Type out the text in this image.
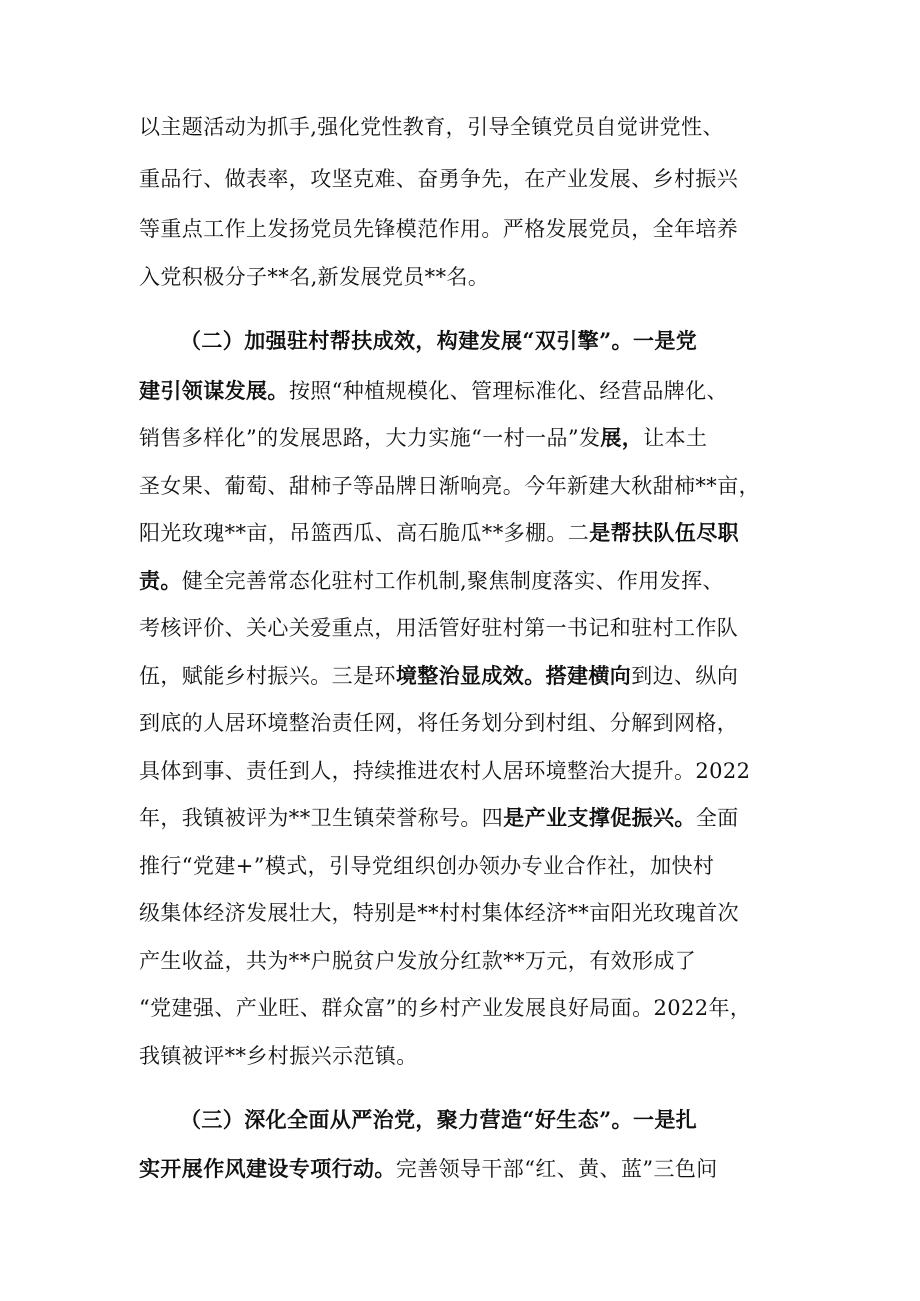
以主题活动为抓手,强化党性教育，引导全镇党员自觉讲党性、
重品行、做表率，攻坚克难、奋勇争先，在产业发展、乡村振兴
等重点工作上发扬党员先锋模范作用。严格发展党员，全年培养
入党积极分子**名,新发展党员**名。
（二）加强驻村帮扶成效，构建发展“双引擎”。一是党
建引领谋发展。按照“种植规模化、管理标准化、经营品牌化、
销售多样化”的发展思路，大力实施“一村一品”发展，让本土
圣女果、葡萄、甜柿子等品牌日渐响亮。今年新建大秋甜柿**亩，
阳光玫瑰**亩，吊篮西瓜、高石脆瓜**多棚。二是帮扶队伍尽职
责。健全完善常态化驻村工作机制,聚焦制度落实、作用发挥、
考核评价、关心关爱重点，用活管好驻村第一书记和驻村工作队
伍，赋能乡村振兴。三是环境整治显成效。搭建横向到边、纵向
到底的人居环境整治责任网，将任务划分到村组、分解到网格，
具体到事、责任到人，持续推进农村人居环境整治大提升。2022
年，我镇被评为**卫生镇荣誉称号。四是产业支撑促振兴。全面
推行“党建+”模式，引导党组织创办领办专业合作社，加快村
级集体经济发展壮大，特别是**村村集体经济**亩阳光玫瑰首次
产生收益，共为**户脱贫户发放分红款**万元，有效形成了
“党建强、产业旺、群众富”的乡村产业发展良好局面。2022年，
我镇被评**乡村振兴示范镇。
（三）深化全面从严治党，聚力营造“好生态”。一是扎
实开展作风建设专项行动。完善领导干部“红、黄、蓝”三色问
